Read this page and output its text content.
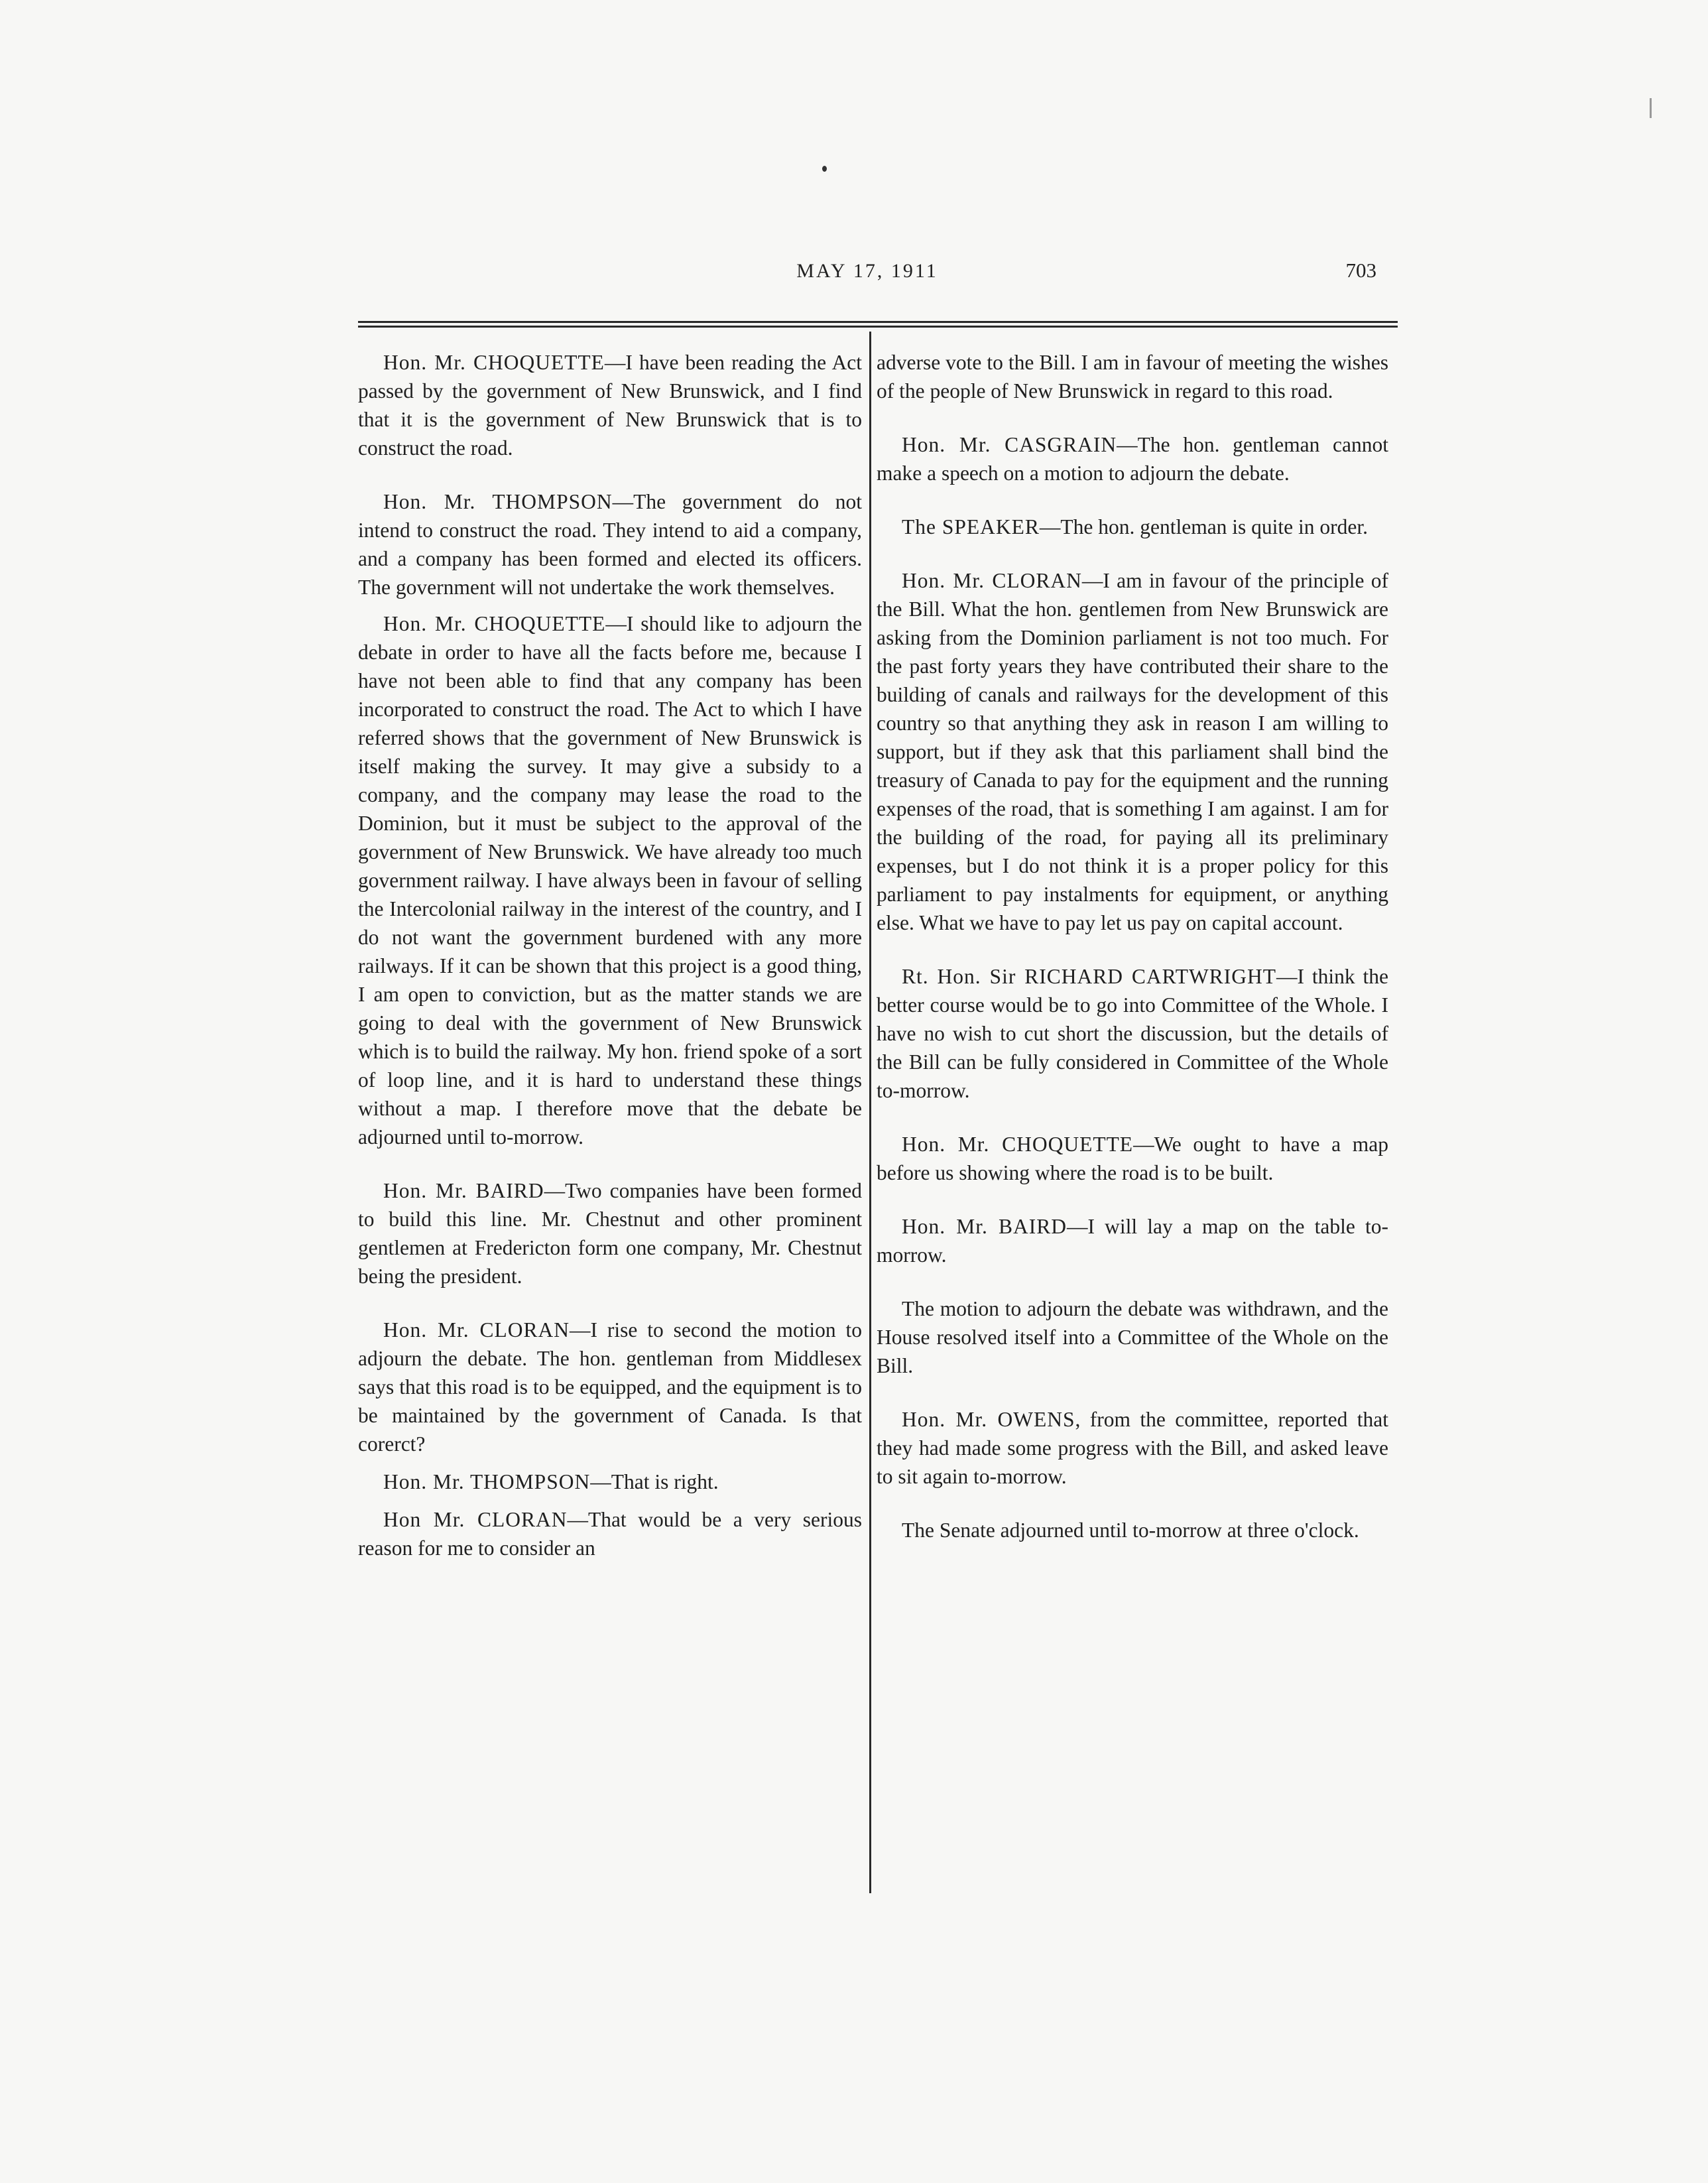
MAY 17, 1911	703

Hon. Mr. CHOQUETTE—I have been reading the Act passed by the government of New Brunswick, and I find that it is the government of New Brunswick that is to construct the road.

Hon. Mr. THOMPSON—The government do not intend to construct the road. They intend to aid a company, and a company has been formed and elected its officers. The government will not undertake the work themselves.

Hon. Mr. CHOQUETTE—I should like to adjourn the debate in order to have all the facts before me, because I have not been able to find that any company has been incorporated to construct the road. The Act to which I have referred shows that the government of New Brunswick is itself making the survey. It may give a subsidy to a company, and the company may lease the road to the Dominion, but it must be subject to the approval of the government of New Brunswick. We have already too much government railway. I have always been in favour of selling the Intercolonial railway in the interest of the country, and I do not want the government burdened with any more railways. If it can be shown that this project is a good thing, I am open to conviction, but as the matter stands we are going to deal with the government of New Brunswick which is to build the railway. My hon. friend spoke of a sort of loop line, and it is hard to understand these things without a map. I therefore move that the debate be adjourned until to-morrow.

Hon. Mr. BAIRD—Two companies have been formed to build this line. Mr. Chestnut and other prominent gentlemen at Fredericton form one company, Mr. Chestnut being the president.

Hon. Mr. CLORAN—I rise to second the motion to adjourn the debate. The hon. gentleman from Middlesex says that this road is to be equipped, and the equipment is to be maintained by the government of Canada. Is that corerct?

Hon. Mr. THOMPSON—That is right.

Hon Mr. CLORAN—That would be a very serious reason for me to consider an

adverse vote to the Bill. I am in favour of meeting the wishes of the people of New Brunswick in regard to this road.

Hon. Mr. CASGRAIN—The hon. gentleman cannot make a speech on a motion to adjourn the debate.

The SPEAKER—The hon. gentleman is quite in order.

Hon. Mr. CLORAN—I am in favour of the principle of the Bill. What the hon. gentlemen from New Brunswick are asking from the Dominion parliament is not too much. For the past forty years they have contributed their share to the building of canals and railways for the development of this country so that anything they ask in reason I am willing to support, but if they ask that this parliament shall bind the treasury of Canada to pay for the equipment and the running expenses of the road, that is something I am against. I am for the building of the road, for paying all its preliminary expenses, but I do not think it is a proper policy for this parliament to pay instalments for equipment, or anything else. What we have to pay let us pay on capital account.

Rt. Hon. Sir RICHARD CARTWRIGHT—I think the better course would be to go into Committee of the Whole. I have no wish to cut short the discussion, but the details of the Bill can be fully considered in Committee of the Whole to-morrow.

Hon. Mr. CHOQUETTE—We ought to have a map before us showing where the road is to be built.

Hon. Mr. BAIRD—I will lay a map on the table to-morrow.

The motion to adjourn the debate was withdrawn, and the House resolved itself into a Committee of the Whole on the Bill.

Hon. Mr. OWENS, from the committee, reported that they had made some progress with the Bill, and asked leave to sit again to-morrow.

The Senate adjourned until to-morrow at three o'clock.
